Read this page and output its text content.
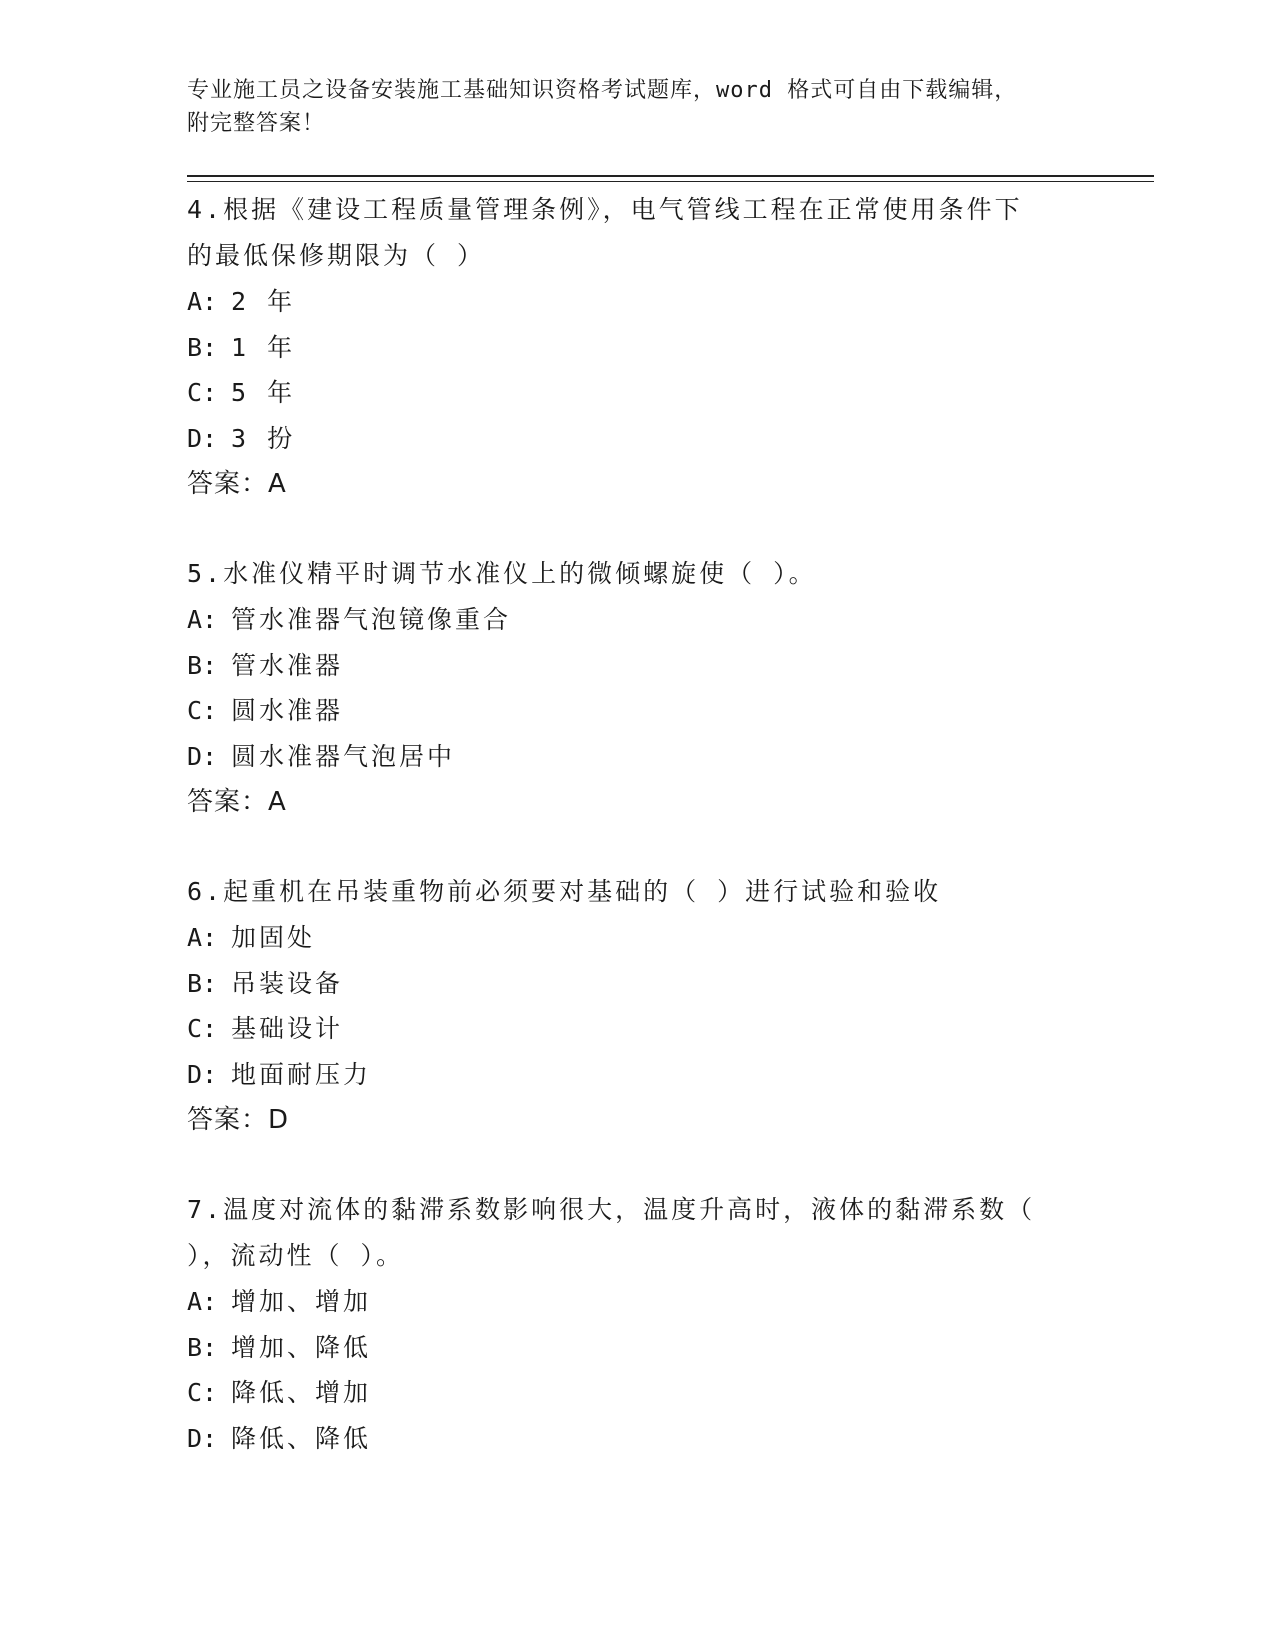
专业施工员之设备安装施工基础知识资格考试题库，word 格式可自由下载编辑，
附完整答案！
4.根据《建设工程质量管理条例》，电气管线工程在正常使用条件下
的最低保修期限为（ ）
A: 2 年
B: 1 年
C: 5 年
D: 3 扮
答案：A
5.水准仪精平时调节水准仪上的微倾螺旋使（ ）。
A: 管水准器气泡镜像重合
B: 管水准器
C: 圆水准器
D: 圆水准器气泡居中
答案：A
6.起重机在吊装重物前必须要对基础的（ ）进行试验和验收
A: 加固处
B: 吊装设备
C: 基础设计
D: 地面耐压力
答案：D
7.温度对流体的黏滞系数影响很大，温度升高时，液体的黏滞系数（
），流动性（ ）。
A: 增加、增加
B: 增加、降低
C: 降低、增加
D: 降低、降低
